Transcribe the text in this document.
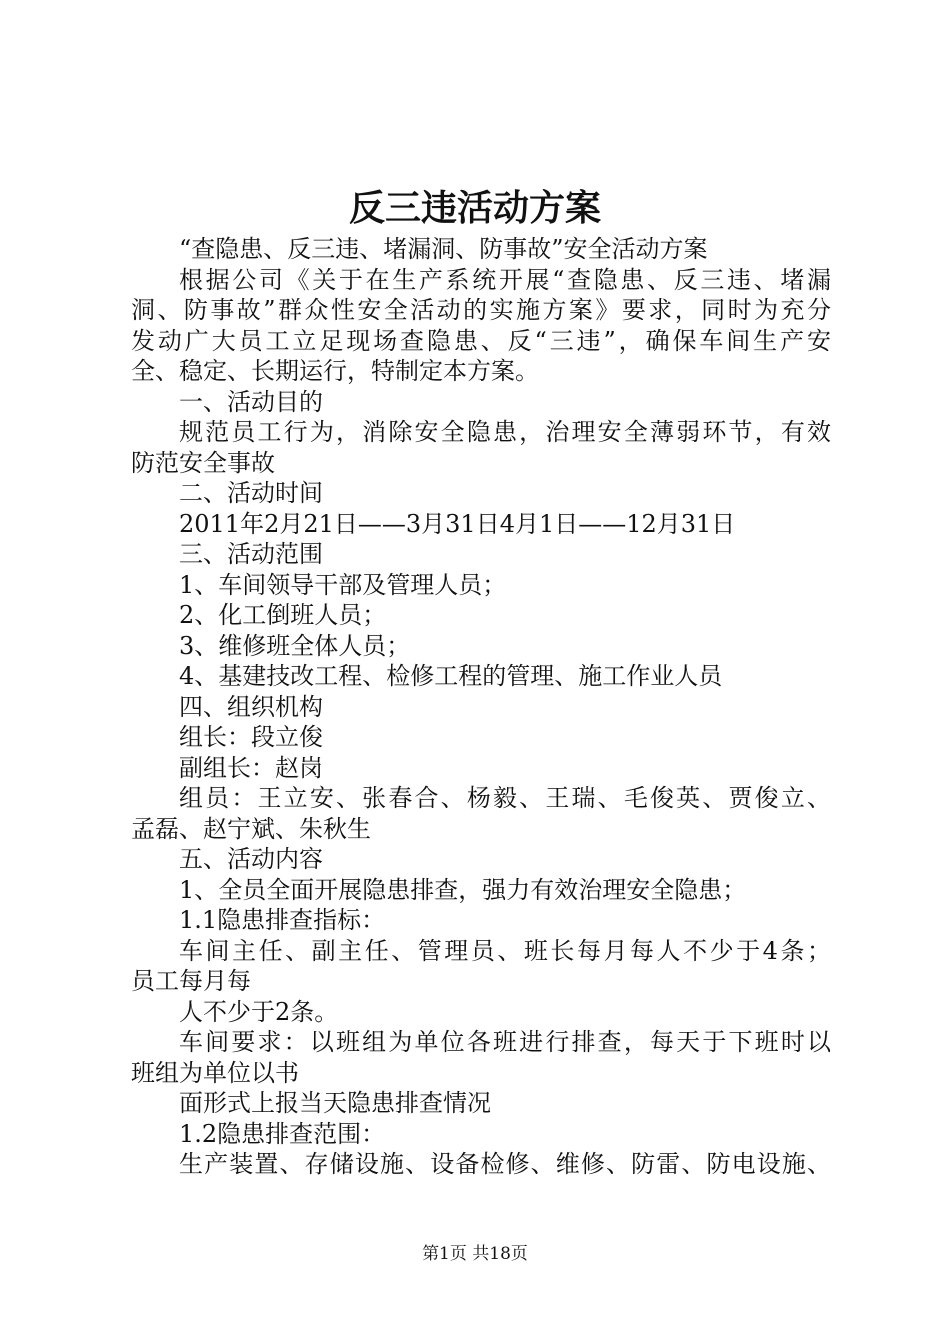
反三违活动方案
“查隐患、反三违、堵漏洞、防事故”安全活动方案
根据公司《关于在生产系统开展“查隐患、反三违、堵漏
洞、防事故”群众性安全活动的实施方案》要求，同时为充分
发动广大员工立足现场查隐患、反“三违”，确保车间生产安
全、稳定、长期运行，特制定本方案。
一、活动目的
规范员工行为，消除安全隐患，治理安全薄弱环节，有效
防范安全事故
二、活动时间
2011年2月21日——3月31日4月1日——12月31日
三、活动范围
1、车间领导干部及管理人员；
2、化工倒班人员；
3、维修班全体人员；
4、基建技改工程、检修工程的管理、施工作业人员
四、组织机构
组长：段立俊
副组长：赵岗
组员：王立安、张春合、杨毅、王瑞、毛俊英、贾俊立、
孟磊、赵宁斌、朱秋生
五、活动内容
1、全员全面开展隐患排查，强力有效治理安全隐患；
1.1隐患排查指标：
车间主任、副主任、管理员、班长每月每人不少于4条；
员工每月每
人不少于2条。
车间要求：以班组为单位各班进行排查，每天于下班时以
班组为单位以书
面形式上报当天隐患排查情况
1.2隐患排查范围：
生产装置、存储设施、设备检修、维修、防雷、防电设施、
第1页 共18页
